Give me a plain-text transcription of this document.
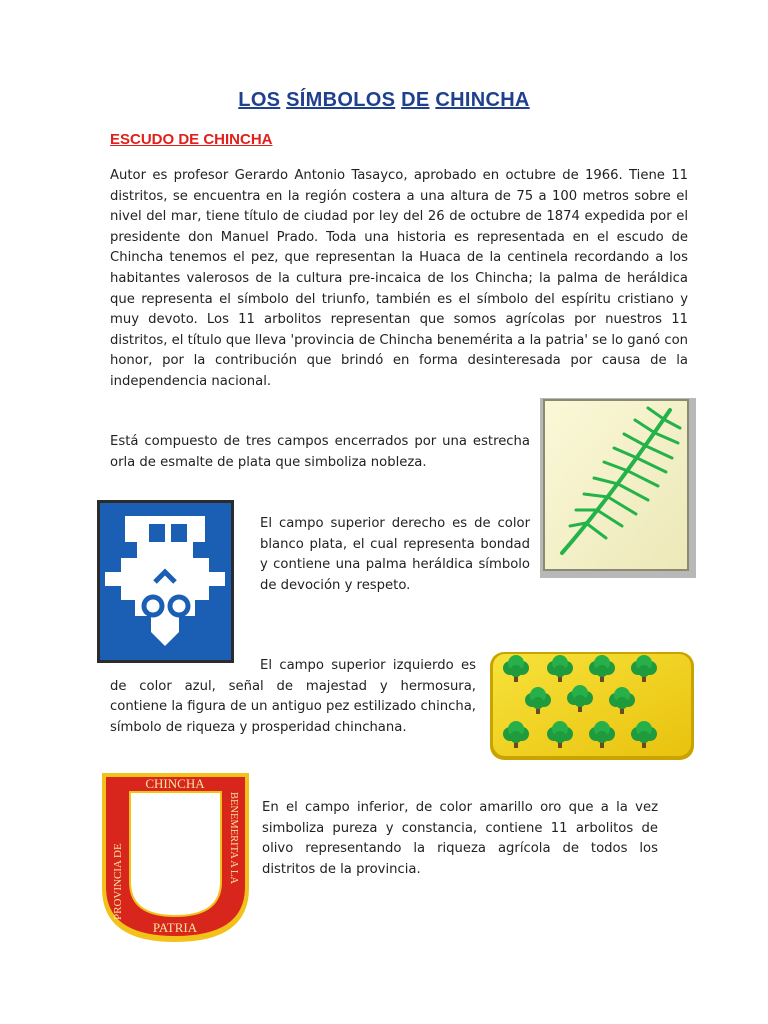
LOS SÍMBOLOS DE CHINCHA
ESCUDO DE CHINCHA
Autor es profesor Gerardo Antonio Tasayco, aprobado en octubre de 1966. Tiene 11 distritos, se encuentra en la región costera a una altura de 75 a 100 metros sobre el nivel del mar, tiene título de ciudad por ley del 26 de octubre de 1874 expedida por el presidente don Manuel Prado. Toda una historia es representada en el escudo de Chincha tenemos el pez, que representan la Huaca de la centinela recordando a los habitantes valerosos de la cultura pre-incaica de los Chincha; la palma de heráldica que representa el símbolo del triunfo, también es el símbolo del espíritu cristiano y muy devoto. Los 11 arbolitos representan que somos agrícolas por nuestros 11 distritos, el título que lleva 'provincia de Chincha benemérita a la patria' se lo ganó con honor, por la contribución que brindó en forma desinteresada por causa de la independencia nacional.
Está compuesto de tres campos encerrados por una estrecha orla de esmalte de plata que simboliza nobleza.
El campo superior derecho es de color blanco plata, el cual representa bondad y contiene una palma heráldica símbolo de devoción y respeto.
El campo superior izquierdo es de color azul, señal de majestad y hermosura, contiene la figura de un antiguo pez estilizado chincha, símbolo de riqueza y prosperidad chinchana.
CHINCHA
PATRIA
PROVINCIA DE	BENEMERITA A LA En el campo inferior, de color amarillo oro que a la vez simboliza pureza y constancia, contiene 11 arbolitos de olivo representando la riqueza agrícola de todos los distritos de la provincia.
